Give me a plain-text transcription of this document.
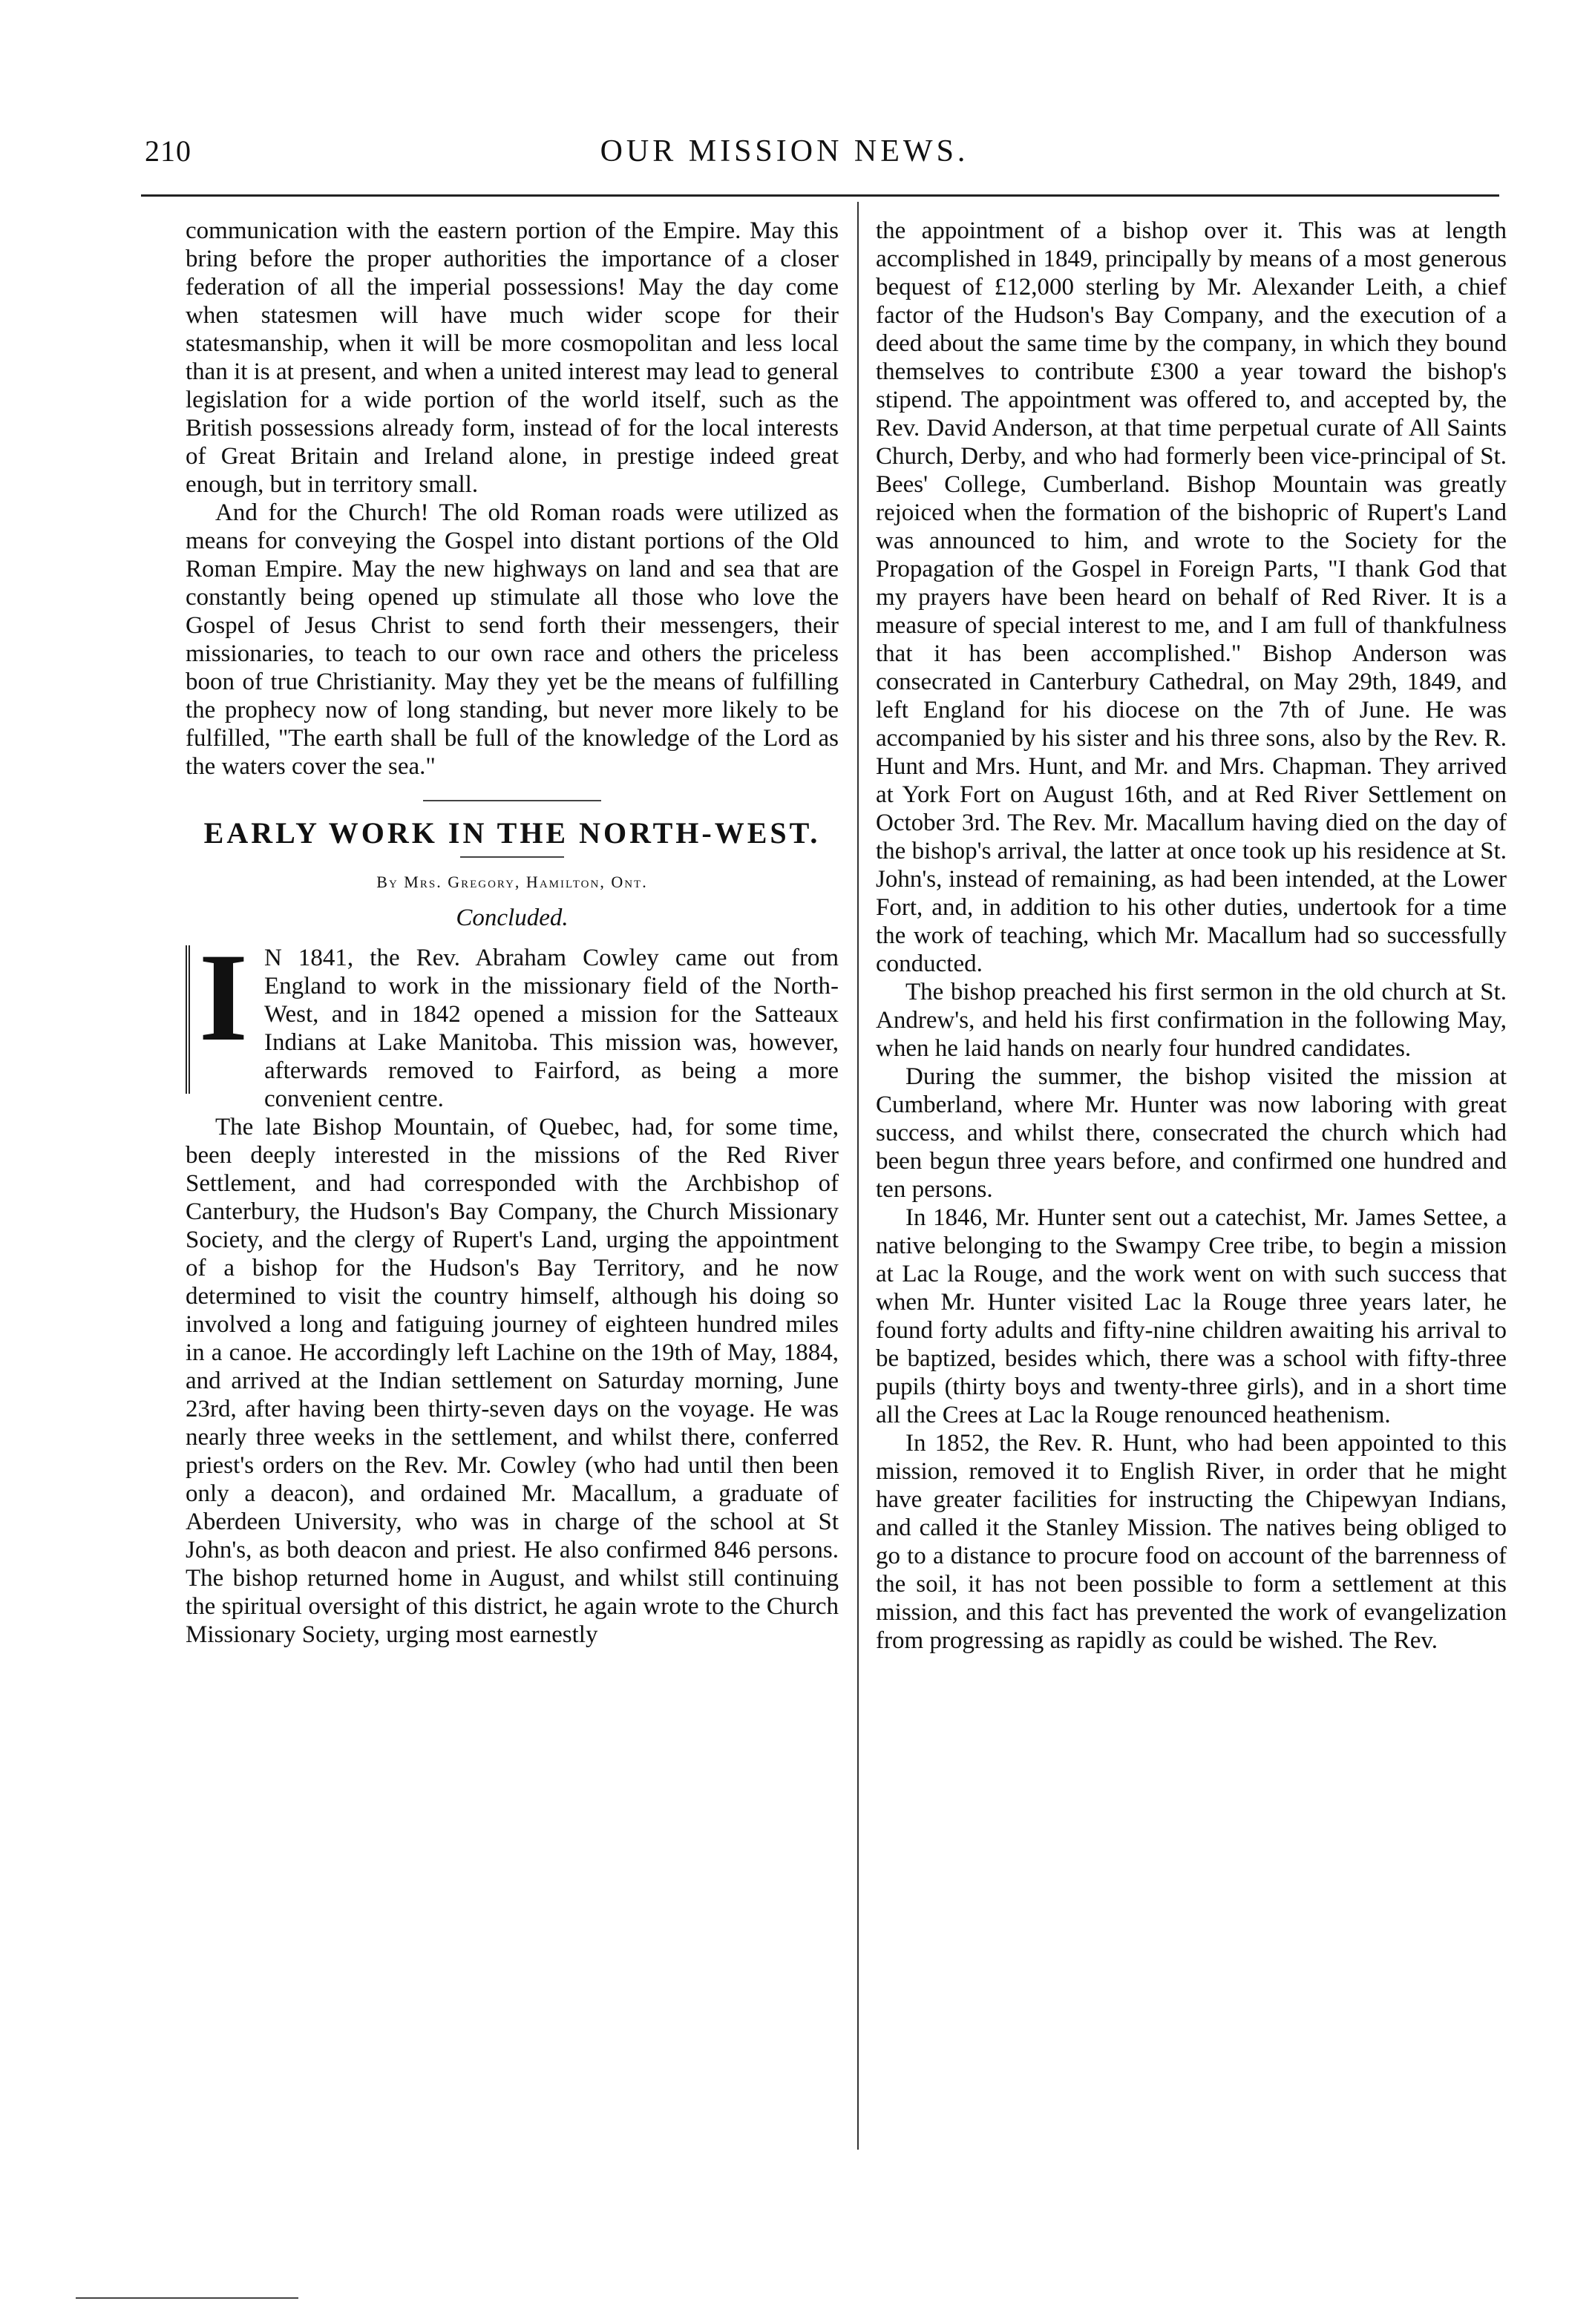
210	OUR MISSION NEWS.

communication with the eastern portion of the Empire. May this bring before the proper authorities the importance of a closer federation of all the imperial possessions! May the day come when statesmen will have much wider scope for their statesmanship, when it will be more cosmopolitan and less local than it is at present, and when a united interest may lead to general legislation for a wide portion of the world itself, such as the British possessions already form, instead of for the local interests of Great Britain and Ireland alone, in prestige indeed great enough, but in territory small.

And for the Church! The old Roman roads were utilized as means for conveying the Gospel into distant portions of the Old Roman Empire. May the new highways on land and sea that are constantly being opened up stimulate all those who love the Gospel of Jesus Christ to send forth their messengers, their missionaries, to teach to our own race and others the priceless boon of true Christianity. May they yet be the means of fulfilling the prophecy now of long standing, but never more likely to be fulfilled, "The earth shall be full of the knowledge of the Lord as the waters cover the sea."

EARLY WORK IN THE NORTH-WEST.
By Mrs. Gregory, Hamilton, Ont.
Concluded.
I N 1841, the Rev. Abraham Cowley came out from England to work in the missionary field of the North-West, and in 1842 opened a mission for the Satteaux Indians at Lake Manitoba. This mission was, however, afterwards removed to Fairford, as being a more convenient centre.

The late Bishop Mountain, of Quebec, had, for some time, been deeply interested in the missions of the Red River Settlement, and had corresponded with the Archbishop of Canterbury, the Hudson's Bay Company, the Church Missionary Society, and the clergy of Rupert's Land, urging the appointment of a bishop for the Hudson's Bay Territory, and he now determined to visit the country himself, although his doing so involved a long and fatiguing journey of eighteen hundred miles in a canoe. He accordingly left Lachine on the 19th of May, 1884, and arrived at the Indian settlement on Saturday morning, June 23rd, after having been thirty-seven days on the voyage. He was nearly three weeks in the settlement, and whilst there, conferred priest's orders on the Rev. Mr. Cowley (who had until then been only a deacon), and ordained Mr. Macallum, a graduate of Aberdeen University, who was in charge of the school at St John's, as both deacon and priest. He also confirmed 846 persons. The bishop returned home in August, and whilst still continuing the spiritual oversight of this district, he again wrote to the Church Missionary Society, urging most earnestly

the appointment of a bishop over it. This was at length accomplished in 1849, principally by means of a most generous bequest of £12,000 sterling by Mr. Alexander Leith, a chief factor of the Hudson's Bay Company, and the execution of a deed about the same time by the company, in which they bound themselves to contribute £300 a year toward the bishop's stipend. The appointment was offered to, and accepted by, the Rev. David Anderson, at that time perpetual curate of All Saints Church, Derby, and who had formerly been vice-principal of St. Bees' College, Cumberland. Bishop Mountain was greatly rejoiced when the formation of the bishopric of Rupert's Land was announced to him, and wrote to the Society for the Propagation of the Gospel in Foreign Parts, "I thank God that my prayers have been heard on behalf of Red River. It is a measure of special interest to me, and I am full of thankfulness that it has been accomplished." Bishop Anderson was consecrated in Canterbury Cathedral, on May 29th, 1849, and left England for his diocese on the 7th of June. He was accompanied by his sister and his three sons, also by the Rev. R. Hunt and Mrs. Hunt, and Mr. and Mrs. Chapman. They arrived at York Fort on August 16th, and at Red River Settlement on October 3rd. The Rev. Mr. Macallum having died on the day of the bishop's arrival, the latter at once took up his residence at St. John's, instead of remaining, as had been intended, at the Lower Fort, and, in addition to his other duties, undertook for a time the work of teaching, which Mr. Macallum had so successfully conducted.

The bishop preached his first sermon in the old church at St. Andrew's, and held his first confirmation in the following May, when he laid hands on nearly four hundred candidates.

During the summer, the bishop visited the mission at Cumberland, where Mr. Hunter was now laboring with great success, and whilst there, consecrated the church which had been begun three years before, and confirmed one hundred and ten persons.

In 1846, Mr. Hunter sent out a catechist, Mr. James Settee, a native belonging to the Swampy Cree tribe, to begin a mission at Lac la Rouge, and the work went on with such success that when Mr. Hunter visited Lac la Rouge three years later, he found forty adults and fifty-nine children awaiting his arrival to be baptized, besides which, there was a school with fifty-three pupils (thirty boys and twenty-three girls), and in a short time all the Crees at Lac la Rouge renounced heathenism.

In 1852, the Rev. R. Hunt, who had been appointed to this mission, removed it to English River, in order that he might have greater facilities for instructing the Chipewyan Indians, and called it the Stanley Mission. The natives being obliged to go to a distance to procure food on account of the barrenness of the soil, it has not been possible to form a settlement at this mission, and this fact has prevented the work of evangelization from progressing as rapidly as could be wished. The Rev.
